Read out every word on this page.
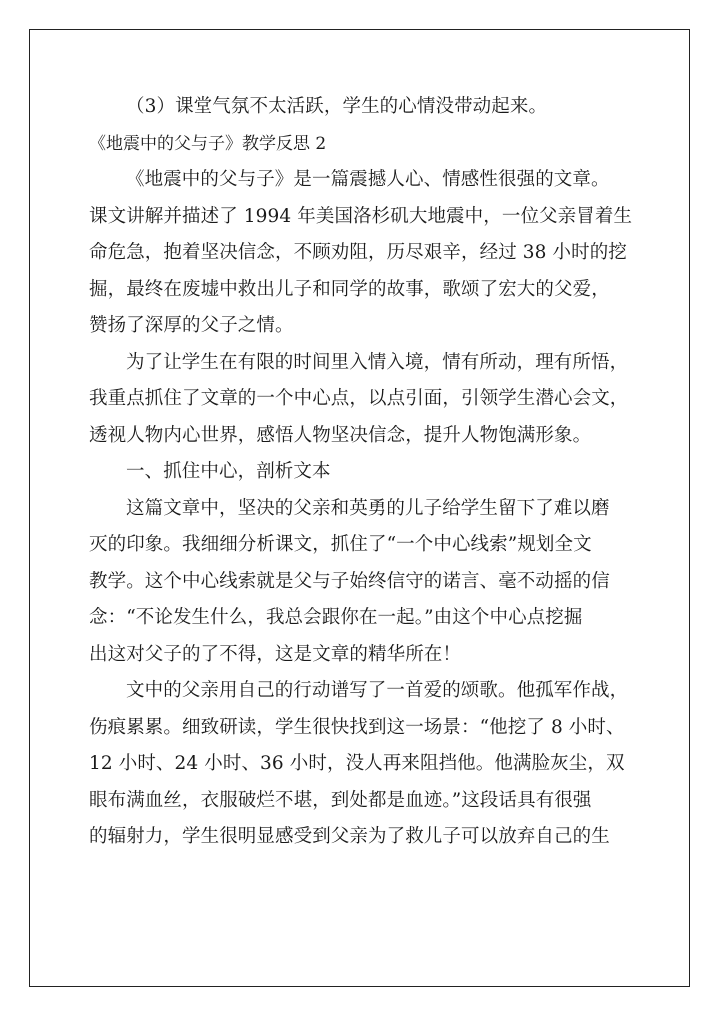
（3）课堂气氛不太活跃，学生的心情没带动起来。
《地震中的父与子》教学反思 2
《地震中的父与子》是一篇震撼人心、情感性很强的文章。
课文讲解并描述了 1994 年美国洛杉矶大地震中，一位父亲冒着生
命危急，抱着坚决信念，不顾劝阻，历尽艰辛，经过 38 小时的挖
掘，最终在废墟中救出儿子和同学的故事，歌颂了宏大的父爱，
赞扬了深厚的父子之情。
为了让学生在有限的时间里入情入境，情有所动，理有所悟，
我重点抓住了文章的一个中心点，以点引面，引领学生潜心会文，
透视人物内心世界，感悟人物坚决信念，提升人物饱满形象。
一、抓住中心，剖析文本
这篇文章中，坚决的父亲和英勇的儿子给学生留下了难以磨
灭的印象。我细细分析课文，抓住了“一个中心线索”规划全文
教学。这个中心线索就是父与子始终信守的诺言、毫不动摇的信
念：“不论发生什么，我总会跟你在一起。”由这个中心点挖掘
出这对父子的了不得，这是文章的精华所在！
文中的父亲用自己的行动谱写了一首爱的颂歌。他孤军作战，
伤痕累累。细致研读，学生很快找到这一场景：“他挖了 8 小时、
12 小时、24 小时、36 小时，没人再来阻挡他。他满脸灰尘，双
眼布满血丝，衣服破烂不堪，到处都是血迹。”这段话具有很强
的辐射力，学生很明显感受到父亲为了救儿子可以放弃自己的生
